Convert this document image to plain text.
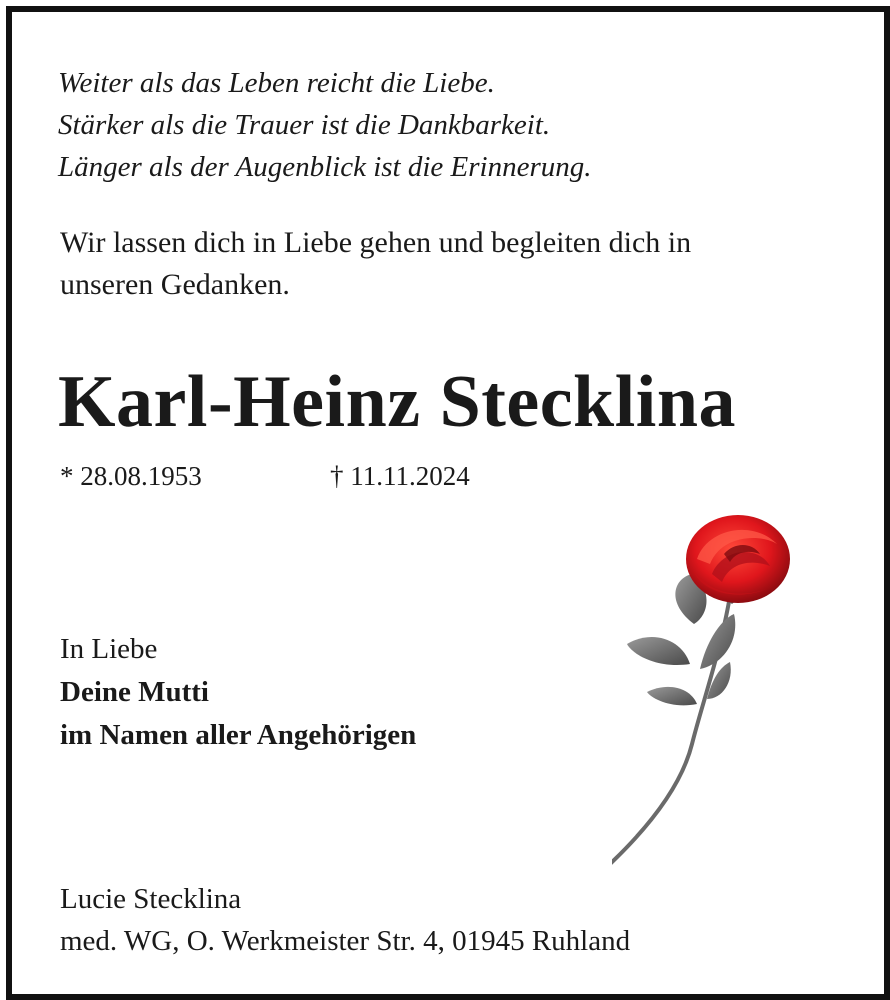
Weiter als das Leben reicht die Liebe.
Stärker als die Trauer ist die Dankbarkeit.
Länger als der Augenblick ist die Erinnerung.
Wir lassen dich in Liebe gehen und begleiten dich in
unseren Gedanken.
Karl-Heinz Stecklina
* 28.08.1953	† 11.11.2024
In Liebe
Deine Mutti
im Namen aller Angehörigen
Lucie Stecklina
med. WG, O. Werkmeister Str. 4, 01945 Ruhland
